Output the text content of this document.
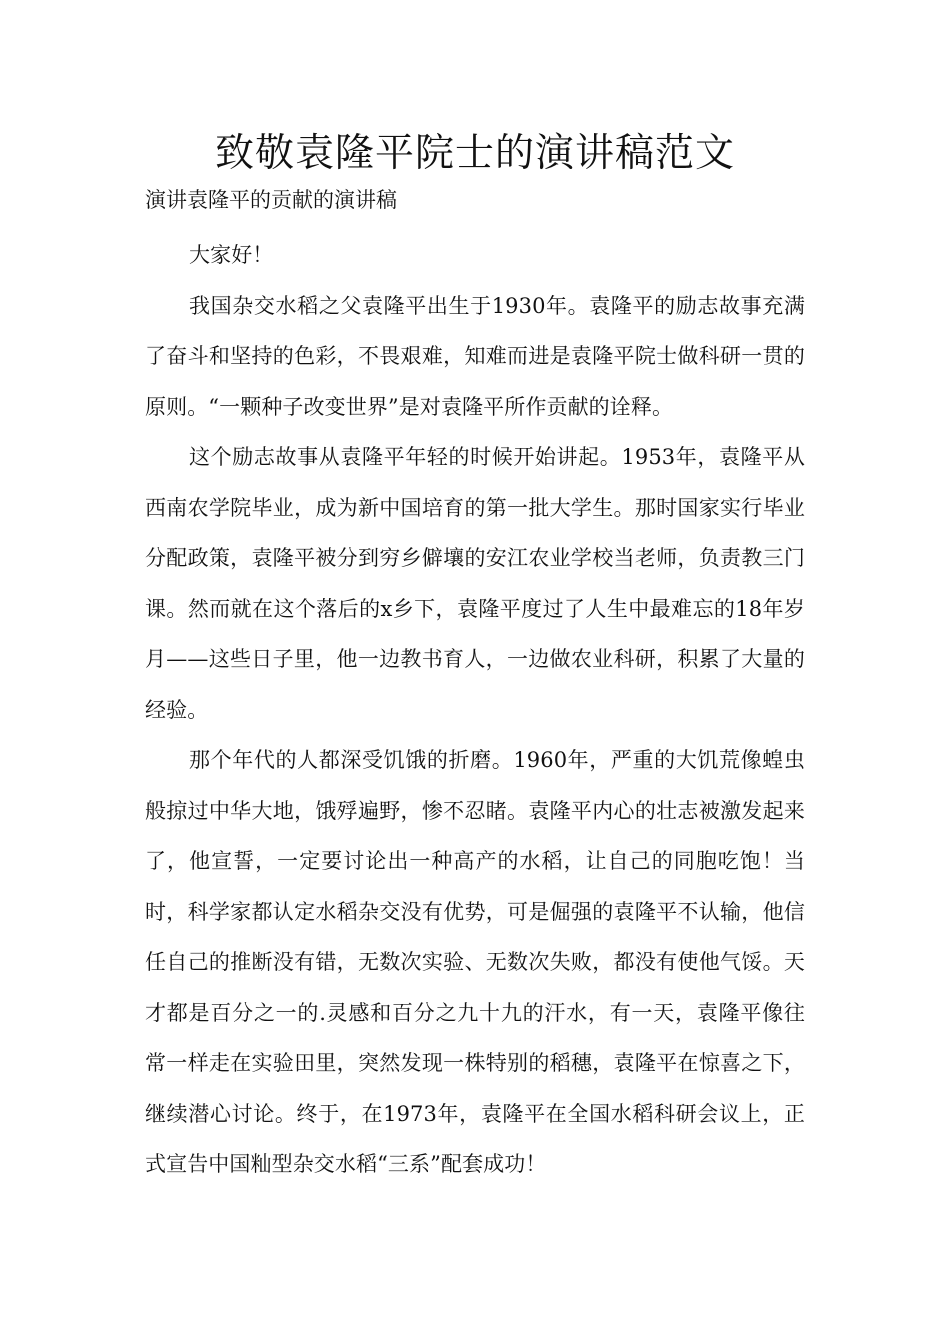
致敬袁隆平院士的演讲稿范文

演讲袁隆平的贡献的演讲稿

大家好！

我国杂交水稻之父袁隆平出生于1930年。袁隆平的励志故事充满了奋斗和坚持的色彩，不畏艰难，知难而进是袁隆平院士做科研一贯的原则。“一颗种子改变世界”是对袁隆平所作贡献的诠释。

这个励志故事从袁隆平年轻的时候开始讲起。1953年，袁隆平从西南农学院毕业，成为新中国培育的第一批大学生。那时国家实行毕业分配政策，袁隆平被分到穷乡僻壤的安江农业学校当老师，负责教三门课。然而就在这个落后的x乡下，袁隆平度过了人生中最难忘的18年岁月——这些日子里，他一边教书育人，一边做农业科研，积累了大量的经验。

那个年代的人都深受饥饿的折磨。1960年，严重的大饥荒像蝗虫般掠过中华大地，饿殍遍野，惨不忍睹。袁隆平内心的壮志被激发起来了，他宣誓，一定要讨论出一种高产的水稻，让自己的同胞吃饱！当时，科学家都认定水稻杂交没有优势，可是倔强的袁隆平不认输，他信任自己的推断没有错，无数次实验、无数次失败，都没有使他气馁。天才都是百分之一的.灵感和百分之九十九的汗水，有一天，袁隆平像往常一样走在实验田里，突然发现一株特别的稻穗，袁隆平在惊喜之下，继续潜心讨论。终于，在1973年，袁隆平在全国水稻科研会议上，正式宣告中国籼型杂交水稻“三系”配套成功！
